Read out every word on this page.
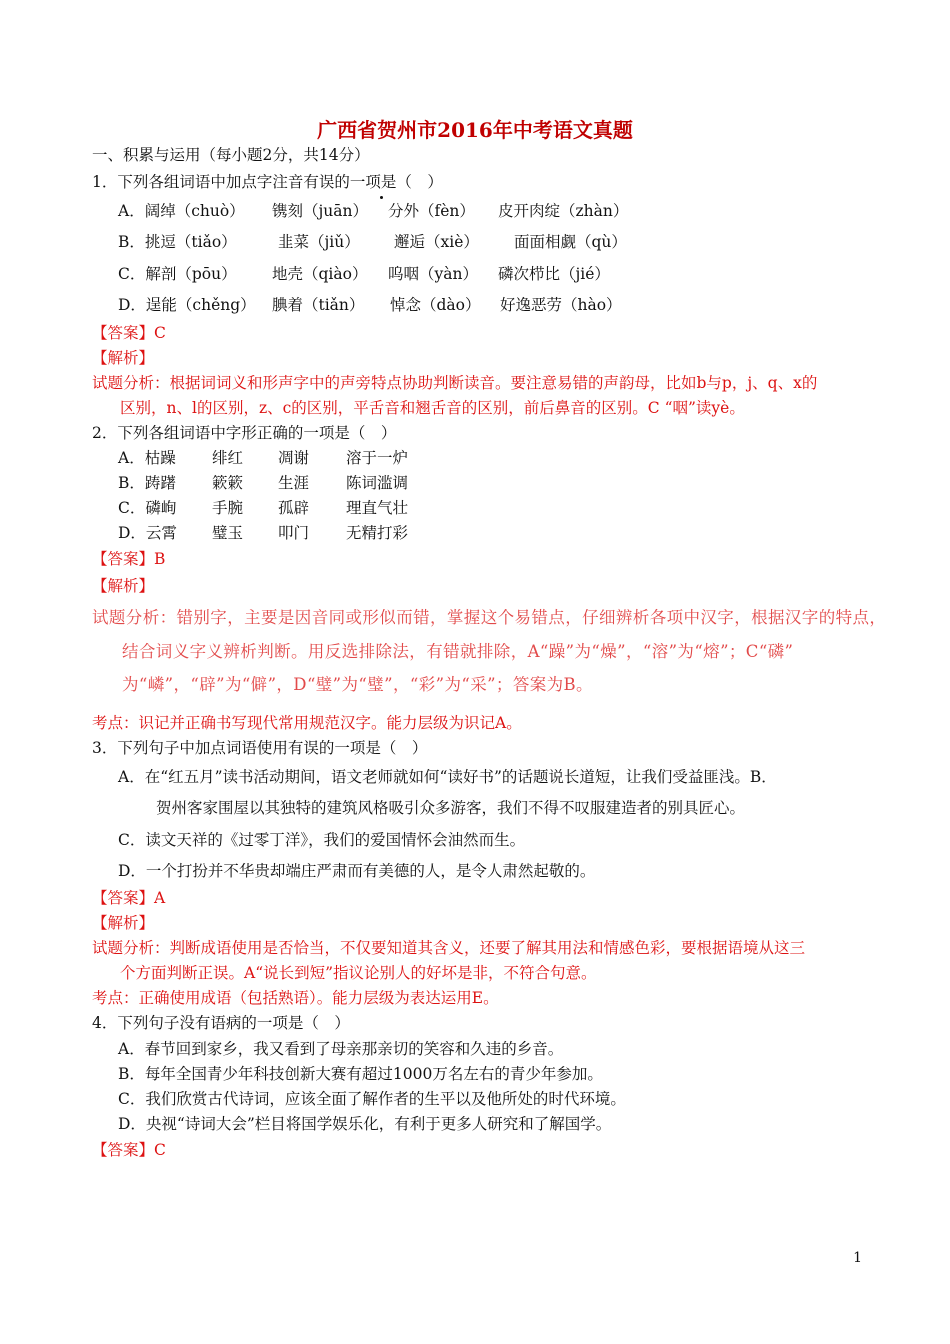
广西省贺州市2016年中考语文真题
一、积累与运用（每小题2分，共14分）
1．下列各组词语中加点字注音有误的一项是（　）
A．阔绰（chuò） 镌刻（juān） 分外（fèn） 皮开肉绽（zhàn）
B．挑逗（tiǎo）	韭菜（jiǔ） 邂逅（xiè） 面面相觑（qù）
C．解剖（pōu） 地壳（qiào） 呜咽（yàn） 磷次栉比（jié）
D．逞能（chěng） 腆着（tiǎn） 悼念（dào） 好逸恶劳（hào）
【答案】C
【解析】
试题分析：根据词词义和形声字中的声旁特点协助判断读音。要注意易错的声韵母，比如b与p，j、q、x的
区别，n、l的区别，z、c的区别，平舌音和翘舌音的区别，前后鼻音的区别。C “咽”读yè。
2．下列各组词语中字形正确的一项是（　）
A．枯躁 绯红 凋谢 溶于一炉
B．踌躇 簌簌 生涯 陈词滥调
C．磷峋 手腕 孤辟 理直气壮
D．云霄 璧玉 叩门 无精打彩
【答案】B
【解析】
试题分析：错别字，主要是因音同或形似而错，掌握这个易错点，仔细辨析各项中汉字，根据汉字的特点，
结合词义字义辨析判断。用反选排除法，有错就排除，A“躁”为“燥”，“溶”为“熔”；C“磷”
为“嶙”，“辟”为“僻”，D“璧”为“璧”，“彩”为“采”；答案为B。
考点：识记并正确书写现代常用规范汉字。能力层级为识记A。
3．下列句子中加点词语使用有误的一项是（　）
A．在“红五月”读书活动期间，语文老师就如何“读好书”的话题说长道短，让我们受益匪浅。B．
贺州客家围屋以其独特的建筑风格吸引众多游客，我们不得不叹服建造者的别具匠心。
C．读文天祥的《过零丁洋》，我们的爱国情怀会油然而生。
D．一个打扮并不华贵却端庄严肃而有美德的人，是令人肃然起敬的。
【答案】A
【解析】
试题分析：判断成语使用是否恰当，不仅要知道其含义，还要了解其用法和情感色彩，要根据语境从这三
个方面判断正误。A“说长到短”指议论别人的好坏是非，不符合句意。
考点：正确使用成语（包括熟语）。能力层级为表达运用E。
4．下列句子没有语病的一项是（　）
A．春节回到家乡，我又看到了母亲那亲切的笑容和久违的乡音。
B．每年全国青少年科技创新大赛有超过1000万名左右的青少年参加。
C．我们欣赏古代诗词，应该全面了解作者的生平以及他所处的时代环境。
D．央视“诗词大会”栏目将国学娱乐化，有利于更多人研究和了解国学。
【答案】C
1
